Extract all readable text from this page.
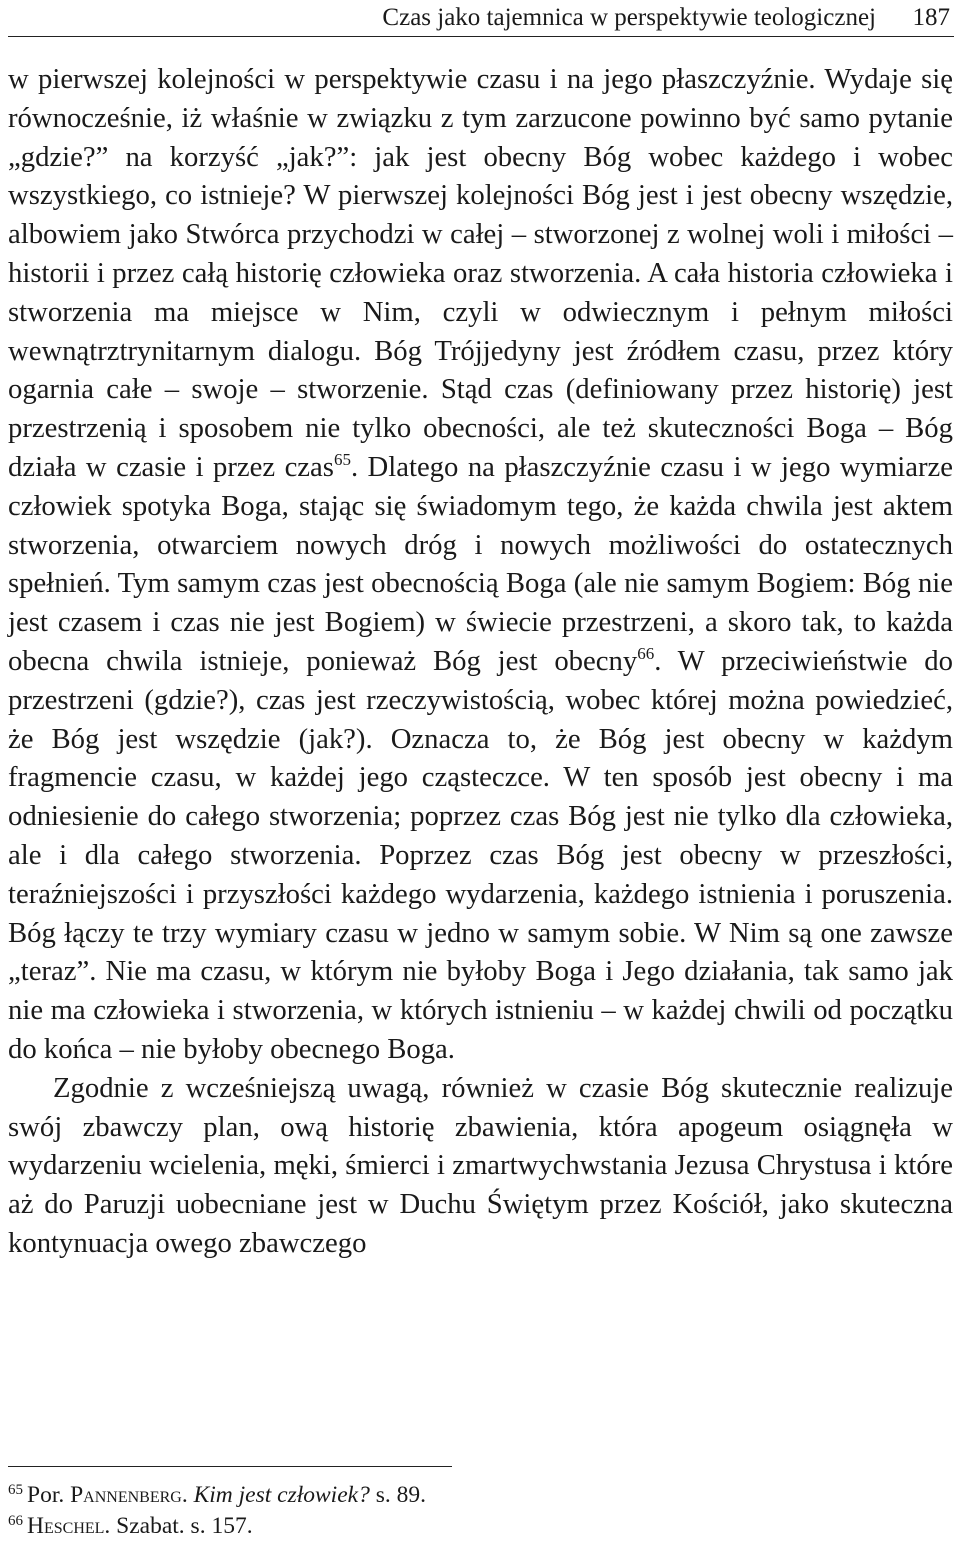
Czas jako tajemnica w perspektywie teologicznej 187

w pierwszej kolejności w perspektywie czasu i na jego płaszczyźnie. Wydaje się równocześnie, iż właśnie w związku z tym zarzucone powinno być samo pytanie „gdzie?” na korzyść „jak?”: jak jest obecny Bóg wobec każdego i wobec wszystkiego, co istnieje? W pierwszej kolejności Bóg jest i jest obecny wszędzie, albowiem jako Stwórca przychodzi w całej – stworzonej z wolnej woli i miłości – historii i przez całą historię człowieka oraz stworzenia. A cała historia człowieka i stworzenia ma miejsce w Nim, czyli w odwiecznym i pełnym miłości wewnątrztrynitarnym dialogu. Bóg Trójjedyny jest źródłem czasu, przez który ogarnia całe – swoje – stworzenie. Stąd czas (definiowany przez historię) jest przestrzenią i sposobem nie tylko obecności, ale też skuteczności Boga – Bóg działa w czasie i przez czas$^{65}$. Dlatego na płaszczyźnie czasu i w jego wymiarze człowiek spotyka Boga, stając się świadomym tego, że każda chwila jest aktem stworzenia, otwarciem nowych dróg i nowych możliwości do ostatecznych spełnień. Tym samym czas jest obecnością Boga (ale nie samym Bogiem: Bóg nie jest czasem i czas nie jest Bogiem) w świecie przestrzeni, a skoro tak, to każda obecna chwila istnieje, ponieważ Bóg jest obecny$^{66}$. W przeciwieństwie do przestrzeni (gdzie?), czas jest rzeczywistością, wobec której można powiedzieć, że Bóg jest wszędzie (jak?). Oznacza to, że Bóg jest obecny w każdym fragmencie czasu, w każdej jego cząsteczce. W ten sposób jest obecny i ma odniesienie do całego stworzenia; poprzez czas Bóg jest nie tylko dla człowieka, ale i dla całego stworzenia. Poprzez czas Bóg jest obecny w przeszłości, teraźniejszości i przyszłości każdego wydarzenia, każdego istnienia i poruszenia. Bóg łączy te trzy wymiary czasu w jedno w samym sobie. W Nim są one zawsze „teraz”. Nie ma czasu, w którym nie byłoby Boga i Jego działania, tak samo jak nie ma człowieka i stworzenia, w których istnieniu – w każdej chwili od początku do końca – nie byłoby obecnego Boga.

Zgodnie z wcześniejszą uwagą, również w czasie Bóg skutecznie realizuje swój zbawczy plan, ową historię zbawienia, która apogeum osiągnęła w wydarzeniu wcielenia, męki, śmierci i zmartwychwstania Jezusa Chrystusa i które aż do Paruzji uobecniane jest w Duchu Świętym przez Kościół, jako skuteczna kontynuacja owego zbawczego

$^{65}$ Por. Pannenberg. Kim jest człowiek? s. 89.
$^{66}$ Heschel. Szabat. s. 157.
